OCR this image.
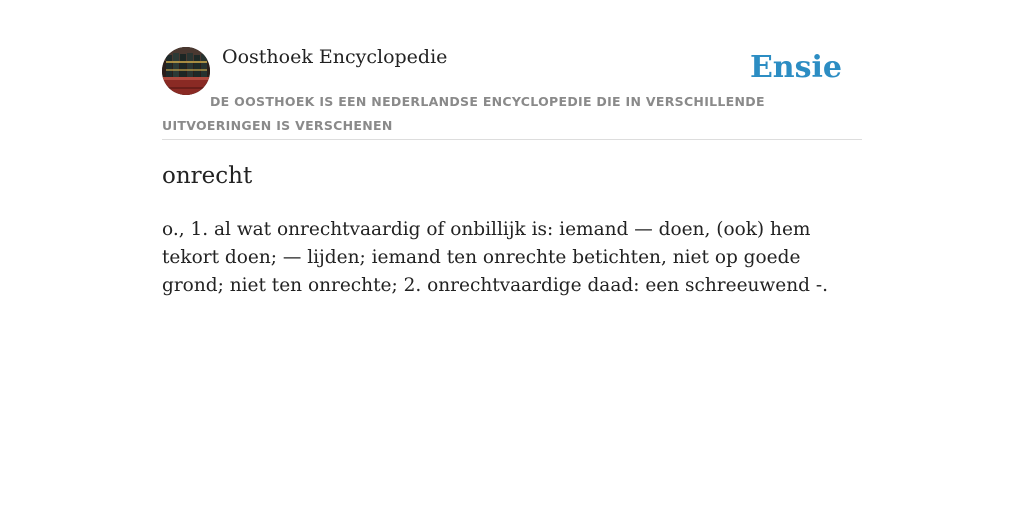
Oosthoek Encyclopedie	Ensie
DE OOSTHOEK IS EEN NEDERLANDSE ENCYCLOPEDIE DIE IN VERSCHILLENDE UITVOERINGEN IS VERSCHENEN
onrecht

o., 1. al wat onrechtvaardig of onbillijk is: iemand — doen, (ook) hem tekort doen; — lijden; iemand ten onrechte betichten, niet op goede grond; niet ten onrechte; 2. onrechtvaardige daad: een schreeuwend -.
